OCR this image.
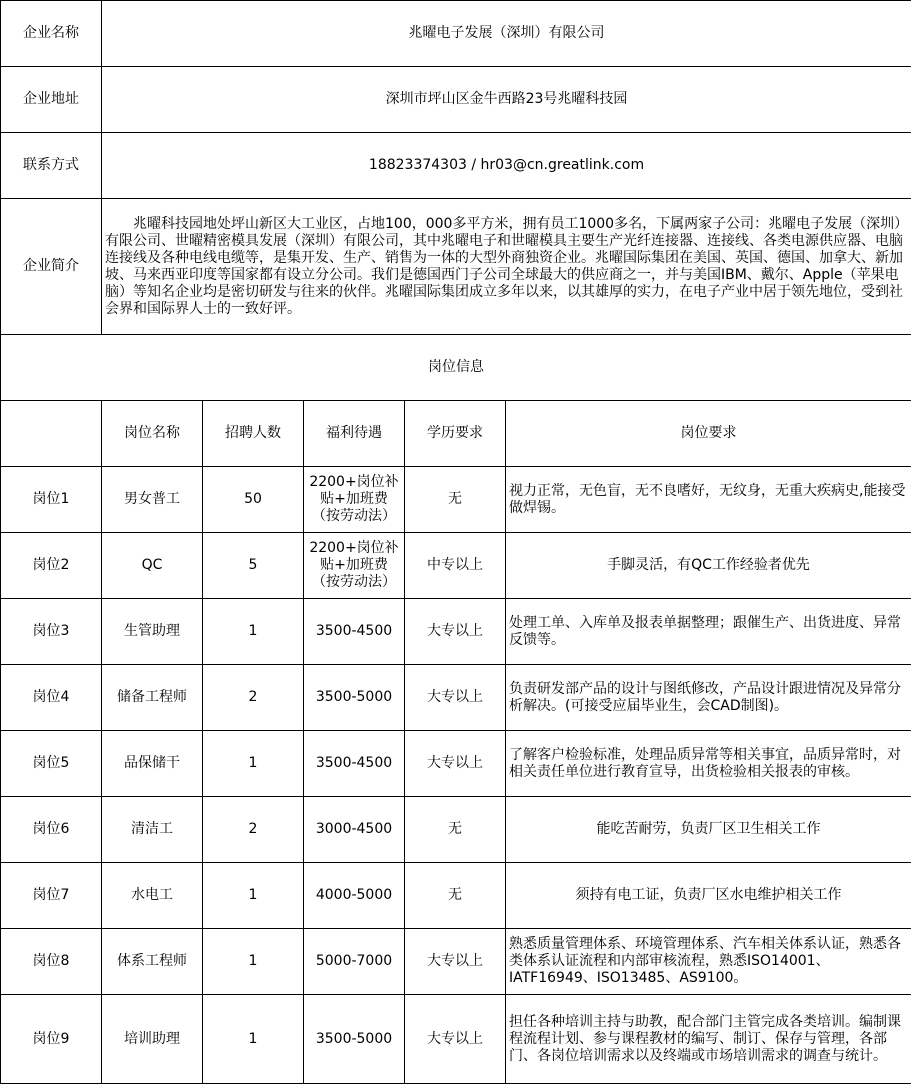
企业名称	兆曜电子发展（深圳）有限公司				
企业地址	深圳市坪山区金牛西路23号兆曜科技园				
联系方式	18823374303 / hr03@cn.greatlink.com				
企业简介	兆曜科技园地处坪山新区大工业区，占地100，000多平方米，拥有员工1000多名，下属两家子公司：兆曜电子发展（深圳）有限公司、世曜精密模具发展（深圳）有限公司，其中兆曜电子和世曜模具主要生产光纤连接器、连接线、各类电源供应器、电脑连接线及各种电线电缆等，是集开发、生产、销售为一体的大型外商独资企业。兆曜国际集团在美国、英国、德国、加拿大、新加坡、马来西亚印度等国家都有设立分公司。我们是德国西门子公司全球最大的供应商之一，并与美国IBM、戴尔、Apple（苹果电脑）等知名企业均是密切研发与往来的伙伴。兆曜国际集团成立多年以来，以其雄厚的实力，在电子产业中居于领先地位，受到社会界和国际界人士的一致好评。				
岗位信息					
	岗位名称	招聘人数	福利待遇	学历要求	岗位要求
岗位1	男女普工	50	2200+岗位补贴+加班费（按劳动法）	无	视力正常，无色盲，无不良嗜好，无纹身，无重大疾病史,能接受做焊锡。
岗位2	QC	5	2200+岗位补贴+加班费（按劳动法）	中专以上	手脚灵活，有QC工作经验者优先
岗位3	生管助理	1	3500-4500	大专以上	处理工单、入库单及报表单据整理；跟催生产、出货进度、异常反馈等。
岗位4	储备工程师	2	3500-5000	大专以上	负责研发部产品的设计与图纸修改，产品设计跟进情况及异常分析解决。(可接受应届毕业生，会CAD制图)。
岗位5	品保储干	1	3500-4500	大专以上	了解客户检验标准，处理品质异常等相关事宜，品质异常时，对相关责任单位进行教育宣导，出货检验相关报表的审核。
岗位6	清洁工	2	3000-4500	无	能吃苦耐劳，负责厂区卫生相关工作
岗位7	水电工	1	4000-5000	无	须持有电工证，负责厂区水电维护相关工作
岗位8	体系工程师	1	5000-7000	大专以上	熟悉质量管理体系、环境管理体系、汽车相关体系认证，熟悉各类体系认证流程和内部审核流程，熟悉ISO14001、IATF16949、ISO13485、AS9100。
岗位9	培训助理	1	3500-5000	大专以上	担任各种培训主持与助教，配合部门主管完成各类培训。编制课程流程计划、参与课程教材的编写、制订、保存与管理，各部门、各岗位培训需求以及终端或市场培训需求的调查与统计。
